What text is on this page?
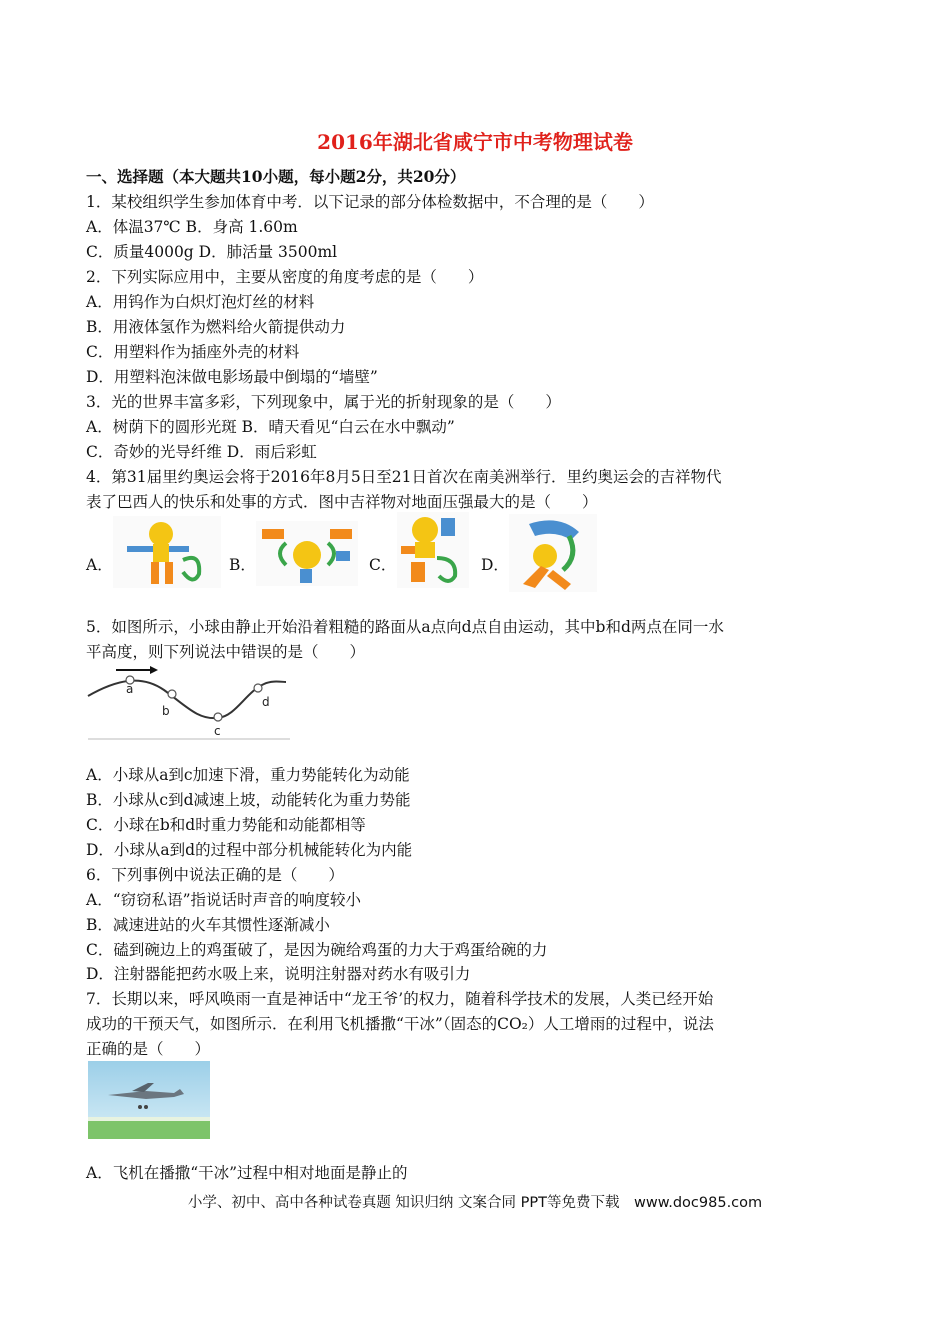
2016年湖北省咸宁市中考物理试卷
一、选择题（本大题共10小题，每小题2分，共20分）
1．某校组织学生参加体育中考．以下记录的部分体检数据中，不合理的是（　　）
A．体温37℃ B．身高 1.60m
C．质量4000g D．肺活量 3500ml
2．下列实际应用中，主要从密度的角度考虑的是（　　）
A．用钨作为白炽灯泡灯丝的材料
B．用液体氢作为燃料给火箭提供动力
C．用塑料作为插座外壳的材料
D．用塑料泡沫做电影场最中倒塌的“墙壁”
3．光的世界丰富多彩，下列现象中，属于光的折射现象的是（　　）
A．树荫下的圆形光斑 B．晴天看见“白云在水中飘动”
C．奇妙的光导纤维 D．雨后彩虹
4．第31届里约奥运会将于2016年8月5日至21日首次在南美洲举行．里约奥运会的吉祥物代
表了巴西人的快乐和处事的方式．图中吉祥物对地面压强最大的是（　　）
A．	B．	C．	D．
5．如图所示，小球由静止开始沿着粗糙的路面从a点向d点自由运动，其中b和d两点在同一水
平高度，则下列说法中错误的是（　　）
a
b
c
d
A．小球从a到c加速下滑，重力势能转化为动能
B．小球从c到d减速上坡，动能转化为重力势能
C．小球在b和d时重力势能和动能都相等
D．小球从a到d的过程中部分机械能转化为内能
6．下列事例中说法正确的是（　　）
A．“窃窃私语”指说话时声音的响度较小
B．减速进站的火车其惯性逐渐减小
C．磕到碗边上的鸡蛋破了，是因为碗给鸡蛋的力大于鸡蛋给碗的力
D．注射器能把药水吸上来，说明注射器对药水有吸引力
7．长期以来，呼风唤雨一直是神话中“龙王爷’的权力，随着科学技术的发展，人类已经开始
成功的干预天气，如图所示．在利用飞机播撒“干冰”（固态的CO₂）人工增雨的过程中，说法
正确的是（　　）
A．飞机在播撒“干冰”过程中相对地面是静止的
小学、初中、高中各种试卷真题 知识归纳 文案合同 PPT等免费下载　www.doc985.com
